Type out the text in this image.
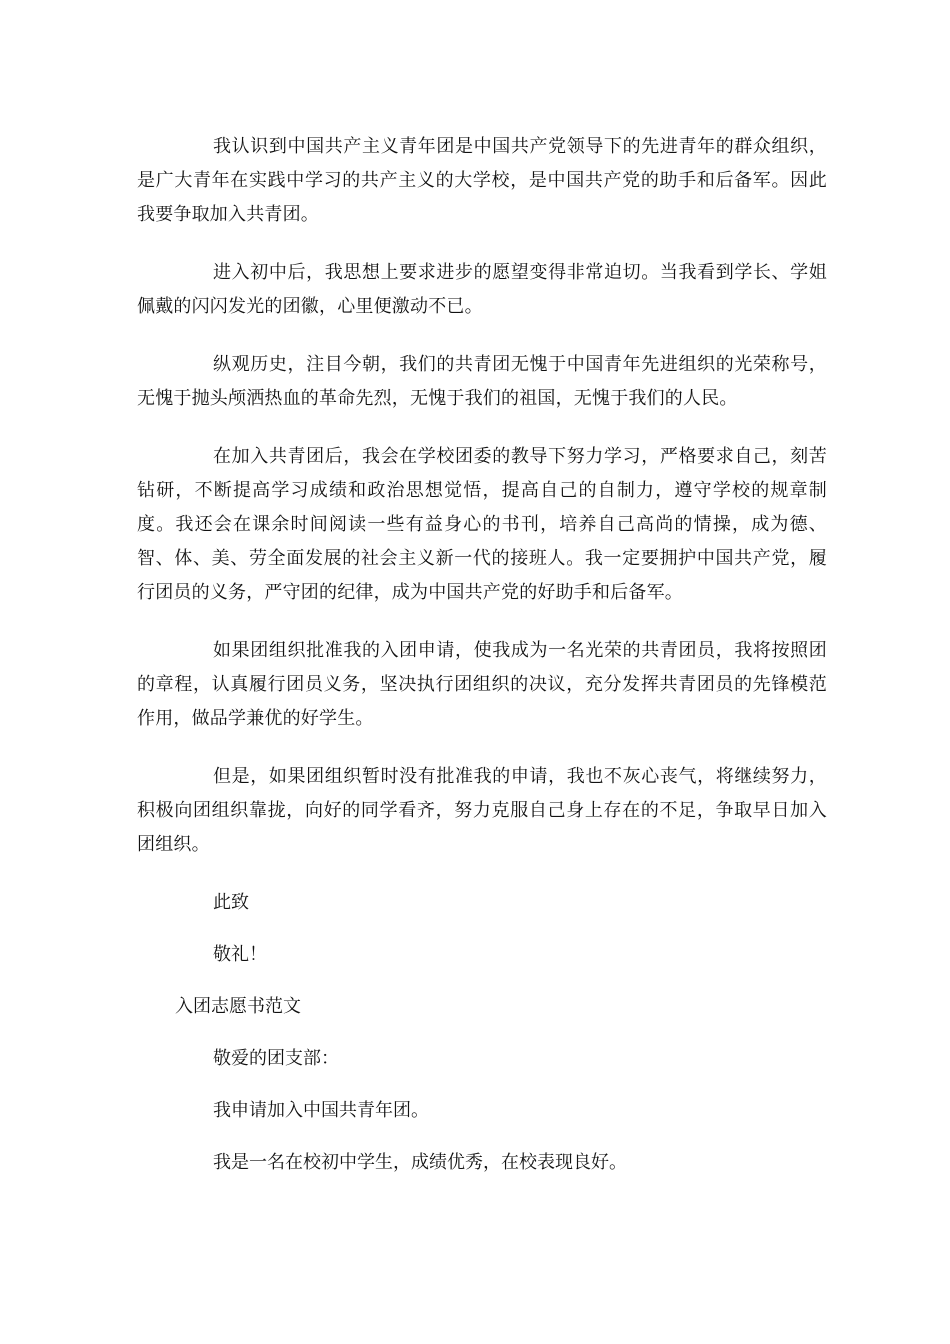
我认识到中国共产主义青年团是中国共产党领导下的先进青年的群众组织，是广大青年在实践中学习的共产主义的大学校，是中国共产党的助手和后备军。因此我要争取加入共青团。

进入初中后，我思想上要求进步的愿望变得非常迫切。当我看到学长、学姐佩戴的闪闪发光的团徽，心里便激动不已。

纵观历史，注目今朝，我们的共青团无愧于中国青年先进组织的光荣称号，无愧于抛头颅洒热血的革命先烈，无愧于我们的祖国，无愧于我们的人民。

在加入共青团后，我会在学校团委的教导下努力学习，严格要求自己，刻苦钻研，不断提高学习成绩和政治思想觉悟，提高自己的自制力，遵守学校的规章制度。我还会在课余时间阅读一些有益身心的书刊，培养自己高尚的情操，成为德、智、体、美、劳全面发展的社会主义新一代的接班人。我一定要拥护中国共产党，履行团员的义务，严守团的纪律，成为中国共产党的好助手和后备军。

如果团组织批准我的入团申请，使我成为一名光荣的共青团员，我将按照团的章程，认真履行团员义务，坚决执行团组织的决议，充分发挥共青团员的先锋模范作用，做品学兼优的好学生。

但是，如果团组织暂时没有批准我的申请，我也不灰心丧气，将继续努力，积极向团组织靠拢，向好的同学看齐，努力克服自己身上存在的不足，争取早日加入团组织。

此致

敬礼！

入团志愿书范文

敬爱的团支部：

我申请加入中国共青年团。

我是一名在校初中学生，成绩优秀，在校表现良好。
